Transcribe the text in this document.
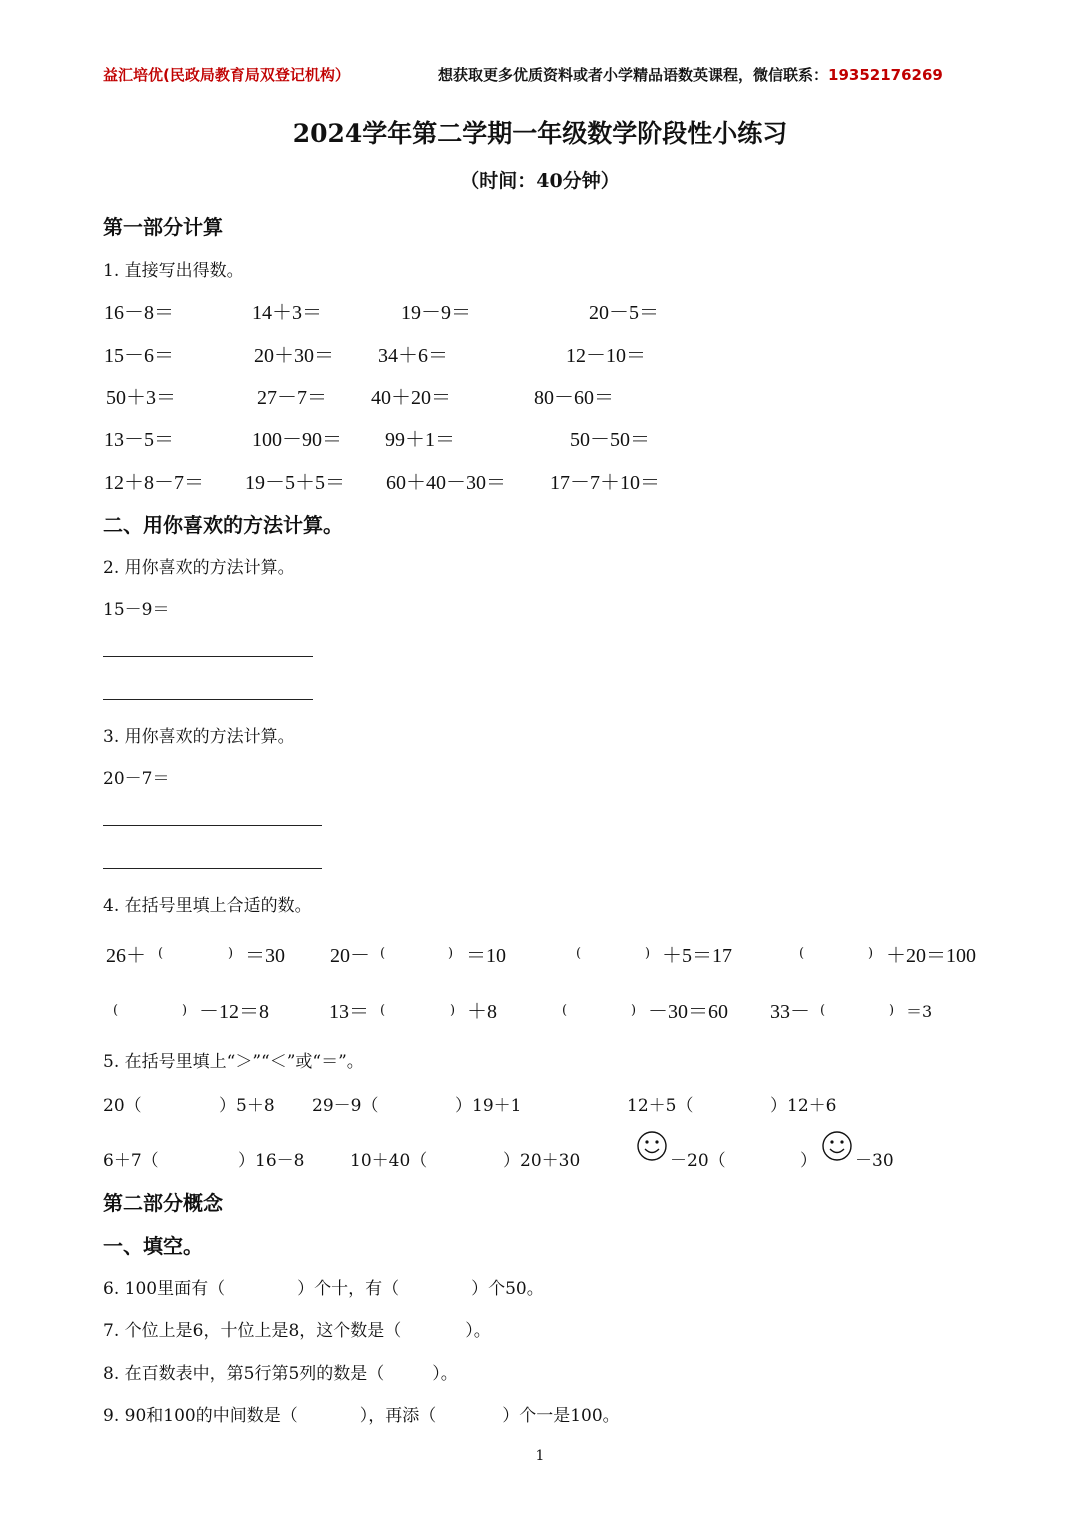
益汇培优(民政局教育局双登记机构）	想获取更多优质资料或者小学精品语数英课程，微信联系：19352176269
2024学年第二学期一年级数学阶段性小练习
（时间：40分钟）
第一部分计算
1. 直接写出得数。
16－8＝	14＋3＝	19－9＝	20－5＝
15－6＝	20＋30＝ 34＋6＝	12－10＝
50＋3＝	27－7＝ 40＋20＝	80－60＝
13－5＝	100－90＝ 99＋1＝	50－50＝
12＋8－7＝ 19－5＋5＝ 60＋40－30＝ 17－7＋10＝
二、用你喜欢的方法计算。
2. 用你喜欢的方法计算。
15－9＝
3. 用你喜欢的方法计算。
20－7＝
4. 在括号里填上合适的数。
26＋ (	) ＝30 20－ (	) ＝10	(	) ＋5＝17	(	) ＋20＝100
(	) －12＝8	13＝ (	) ＋8	(	) －30＝60 33－ (	) ＝3
5. 在括号里填上“＞”“＜”或“＝”。
20（	）5＋8 29－9（	）19＋1	12＋5（	）12＋6
6＋7（	）16－8	10＋40（	）20＋30	－20（	） －30
第二部分概念
一、填空。
6. 100里面有（	）个十，有（	）个50。
7. 个位上是6，十位上是8，这个数是（	）。
8. 在百数表中，第5行第5列的数是（	）。
9. 90和100的中间数是（	），再添（	）个一是100。
1
